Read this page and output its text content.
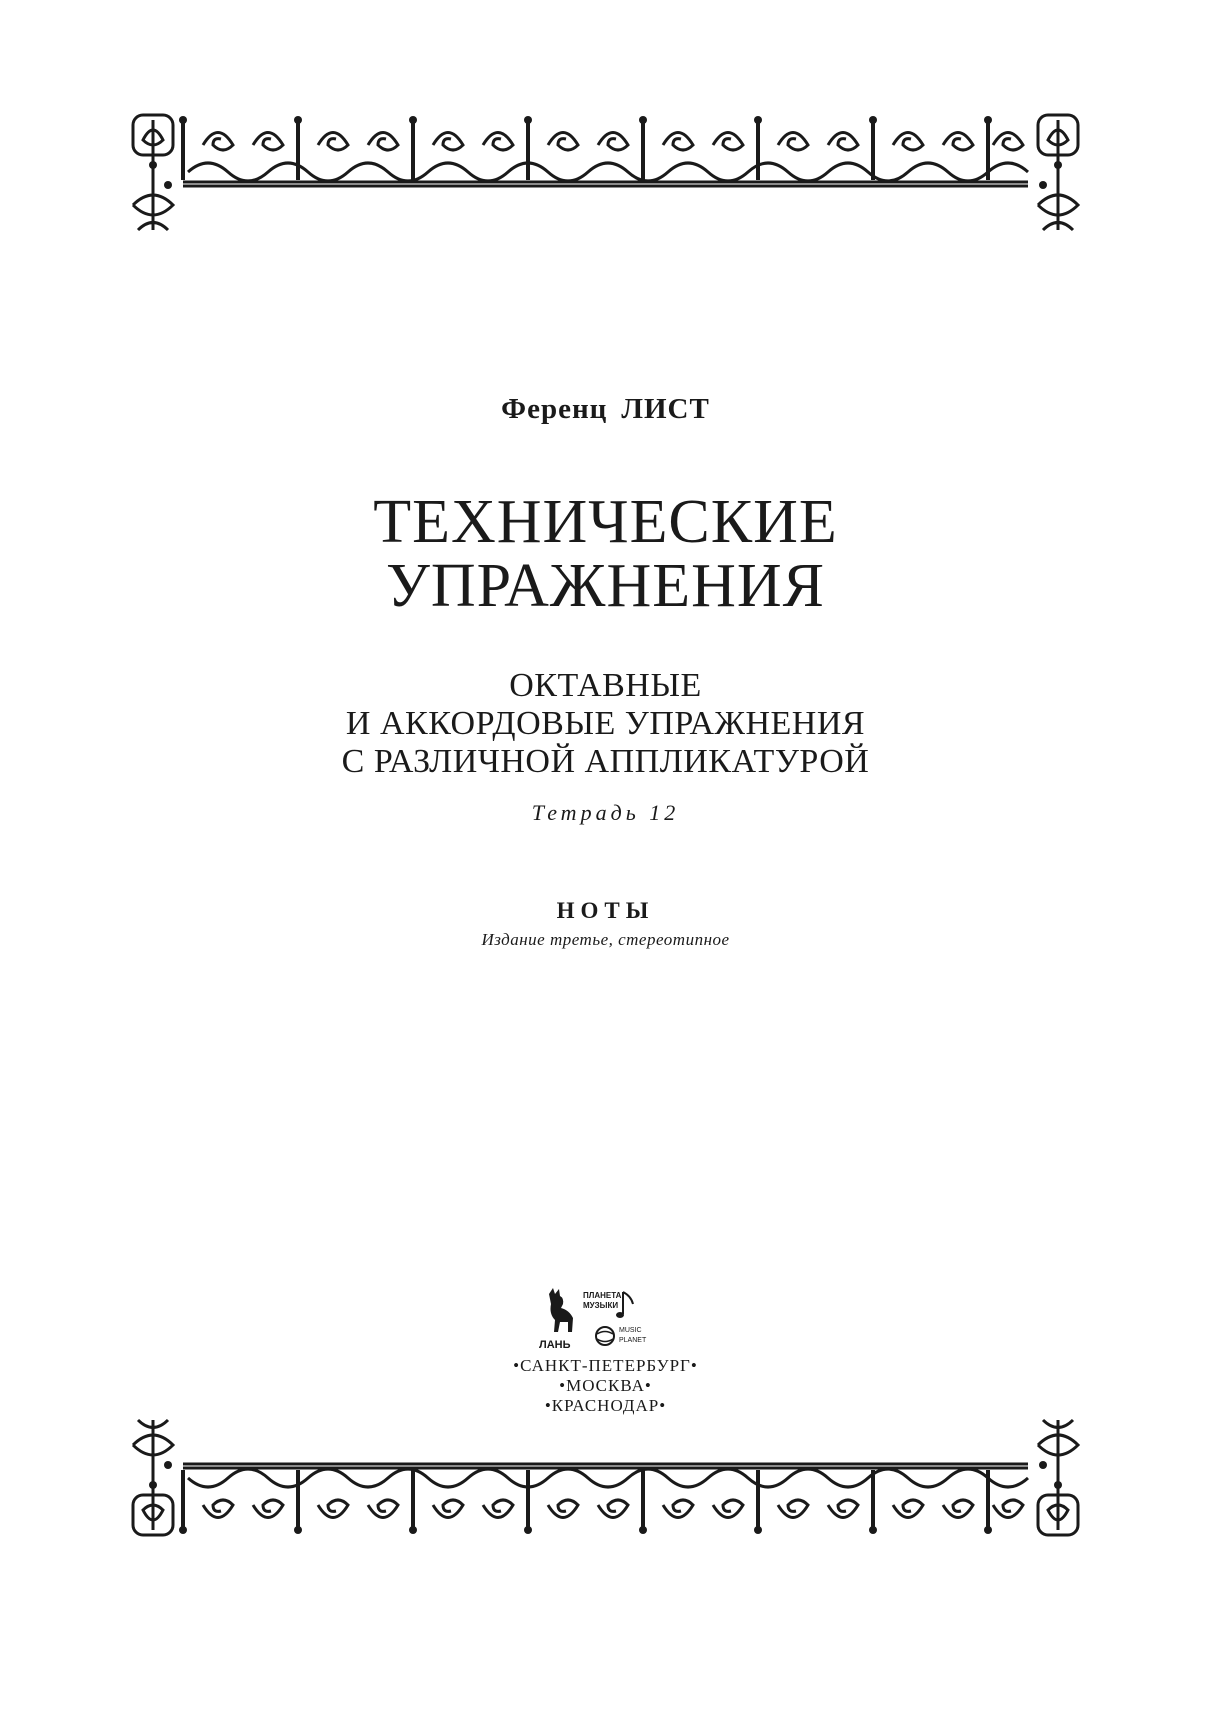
Ференц ЛИСТ
ТЕХНИЧЕСКИЕ
УПРАЖНЕНИЯ
ОКТАВНЫЕ
И АККОРДОВЫЕ УПРАЖНЕНИЯ
С РАЗЛИЧНОЙ АППЛИКАТУРОЙ
Тетрадь 12
НОТЫ
Издание третье, стереотипное
ЛАНЬ
ПЛАНЕТА
МУЗЫКИ
MUSIC
PLANET
•САНКТ-ПЕТЕРБУРГ•
•МОСКВА•
•КРАСНОДАР•
